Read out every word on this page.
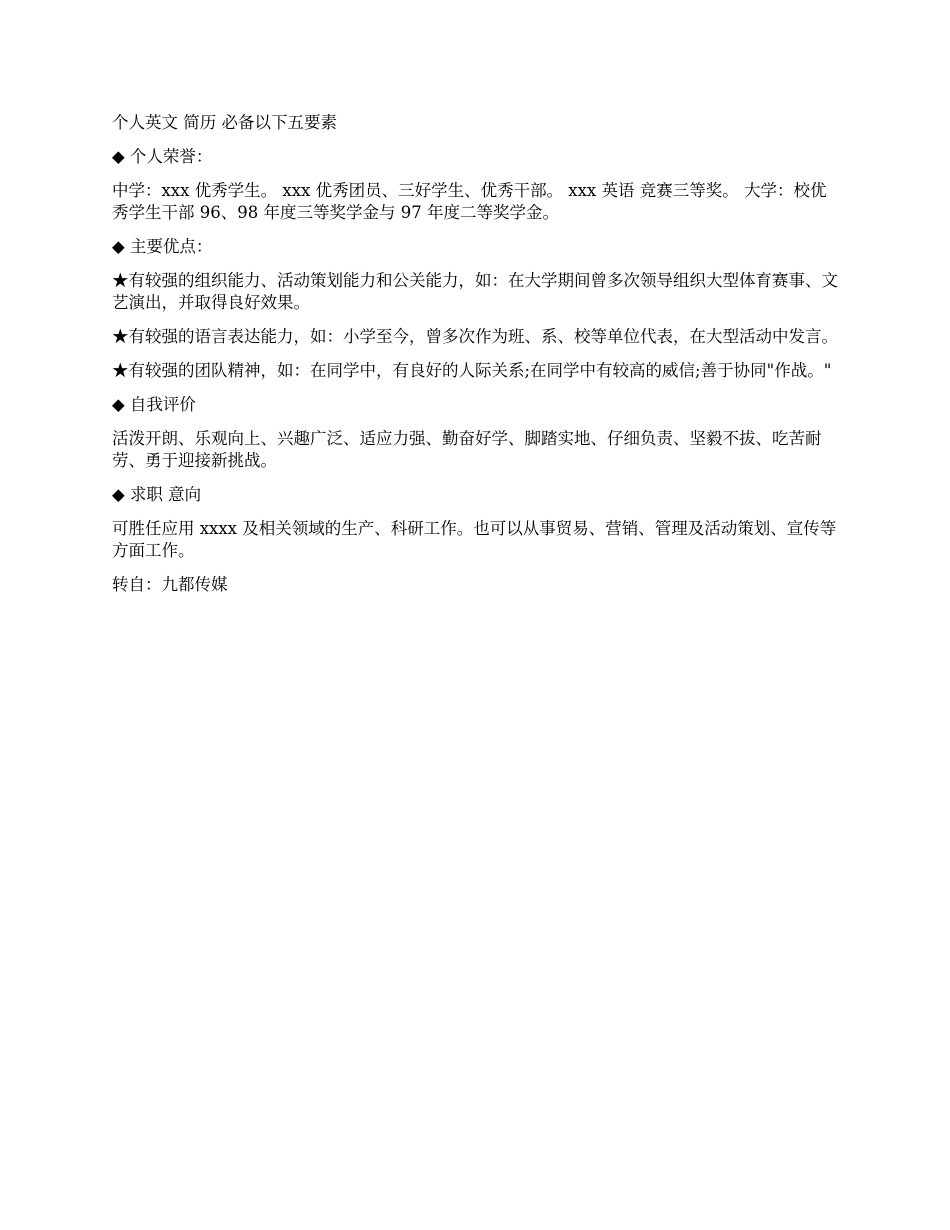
个人英文 简历 必备以下五要素

◆ 个人荣誉：

中学：xxx 优秀学生。 xxx 优秀团员、三好学生、优秀干部。 xxx 英语 竞赛三等奖。 大学：校优秀学生干部 96、98 年度三等奖学金与 97 年度二等奖学金。

◆ 主要优点：

★有较强的组织能力、活动策划能力和公关能力，如：在大学期间曾多次领导组织大型体育赛事、文艺演出，并取得良好效果。

★有较强的语言表达能力，如：小学至今，曾多次作为班、系、校等单位代表，在大型活动中发言。

★有较强的团队精神，如：在同学中，有良好的人际关系;在同学中有较高的威信;善于协同"作战。"

◆ 自我评价

活泼开朗、乐观向上、兴趣广泛、适应力强、勤奋好学、脚踏实地、仔细负责、坚毅不拔、吃苦耐劳、勇于迎接新挑战。

◆ 求职 意向

可胜任应用 xxxx 及相关领域的生产、科研工作。也可以从事贸易、营销、管理及活动策划、宣传等方面工作。

转自：九都传媒
